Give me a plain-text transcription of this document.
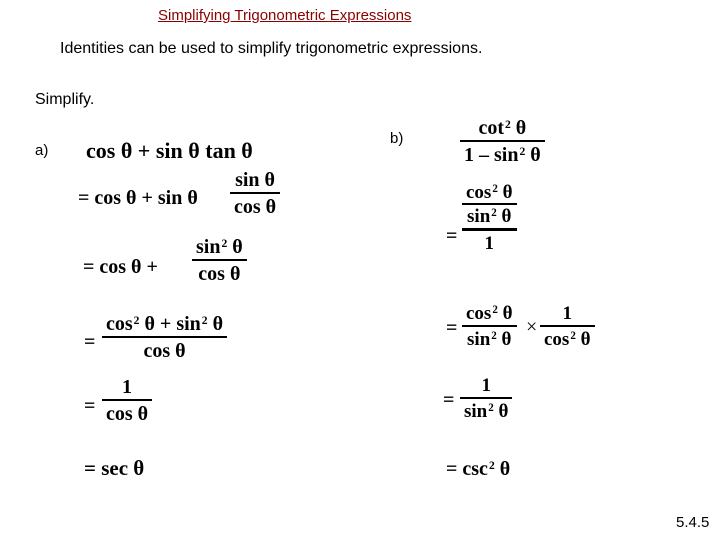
Simplifying Trigonometric Expressions
Identities can be used to simplify trigonometric expressions.
Simplify.
a) cos θ + sin θ tan θ
= cos θ + sin θ
sin θ
cos θ
= cos θ +
$\sin^2 \theta$
cos θ
=
$\cos^2 \theta + \sin^2 \theta$
cos θ
=
1
cos θ
= sec θ
b)	$\cot^2 \theta$
$1 - \sin^2 \theta$
=
$\frac{\cos^2 \theta}{\sin^2 \theta}$
1
=
$\cos^2 \theta$
$\sin^2 \theta$
×
1
$\cos^2 \theta$
=
1
$\sin^2 \theta$
= $\csc^2 \theta$
5.4.5
